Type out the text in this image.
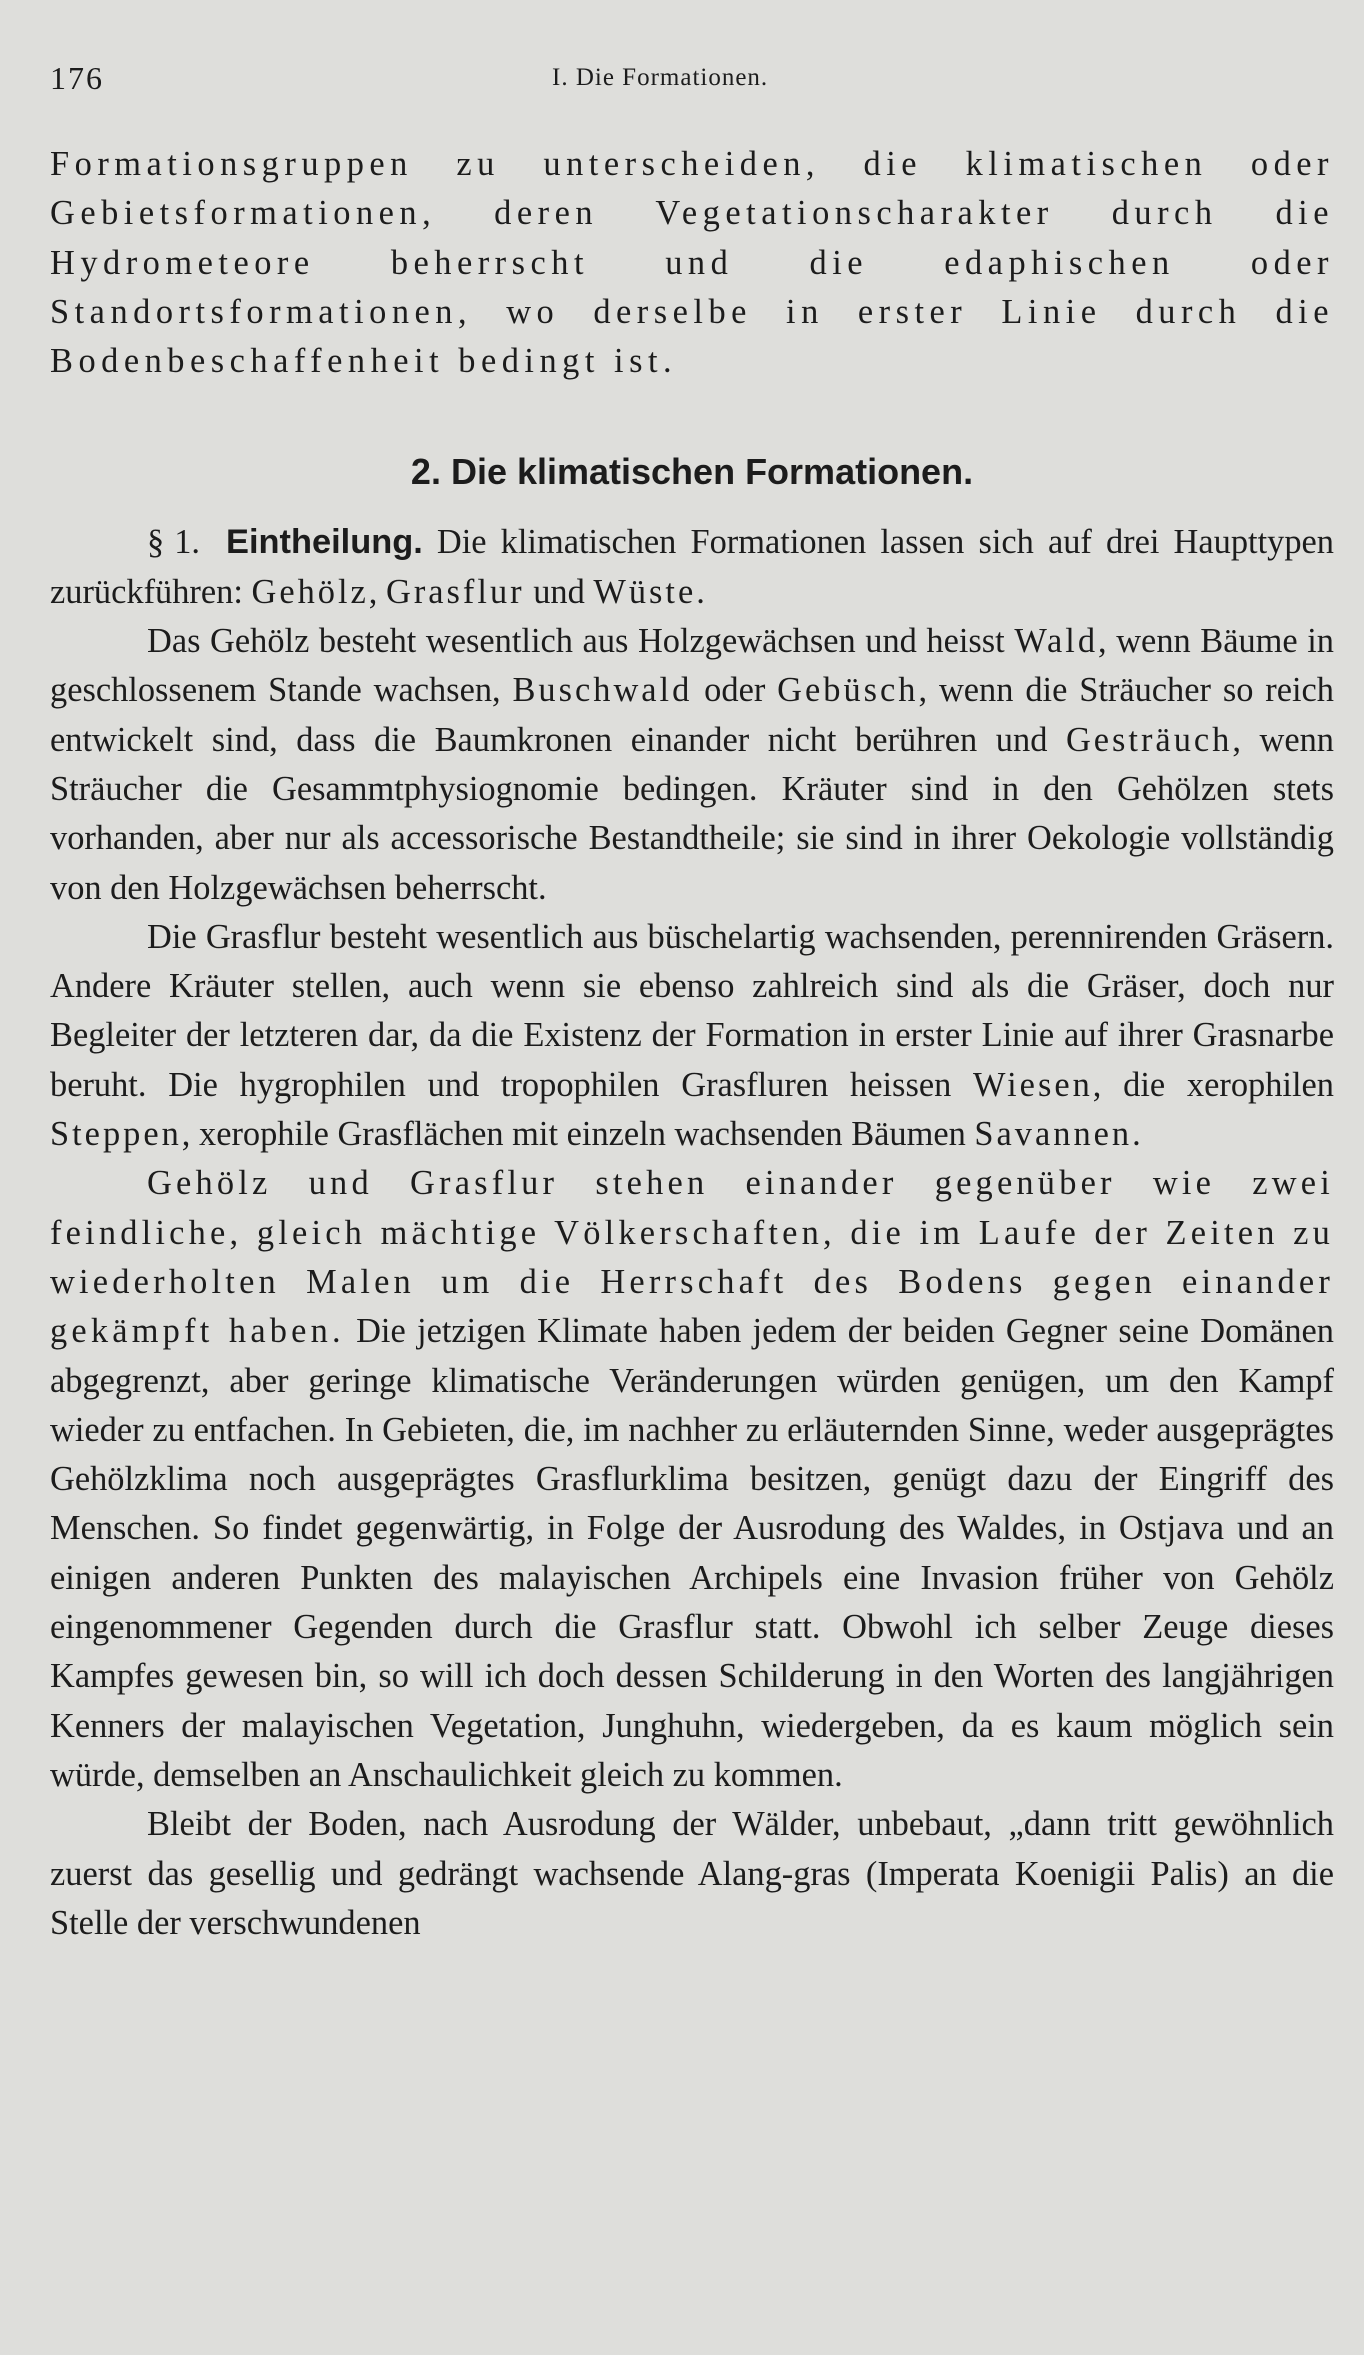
176	I. Die Formationen.

Formationsgruppen zu unterscheiden, die klimatischen oder Gebietsformationen, deren Vegetationscharakter durch die Hydrometeore beherrscht und die edaphischen oder Standortsformationen, wo derselbe in erster Linie durch die Bodenbeschaffenheit bedingt ist.

2. Die klimatischen Formationen.

§ 1. Eintheilung. Die klimatischen Formationen lassen sich auf drei Haupttypen zurückführen: Gehölz, Grasflur und Wüste.

Das Gehölz besteht wesentlich aus Holzgewächsen und heisst Wald, wenn Bäume in geschlossenem Stande wachsen, Buschwald oder Gebüsch, wenn die Sträucher so reich entwickelt sind, dass die Baumkronen einander nicht berühren und Gesträuch, wenn Sträucher die Gesammtphysiognomie bedingen. Kräuter sind in den Gehölzen stets vorhanden, aber nur als accessorische Bestandtheile; sie sind in ihrer Oekologie vollständig von den Holzgewächsen beherrscht.

Die Grasflur besteht wesentlich aus büschelartig wachsenden, perennirenden Gräsern. Andere Kräuter stellen, auch wenn sie ebenso zahlreich sind als die Gräser, doch nur Begleiter der letzteren dar, da die Existenz der Formation in erster Linie auf ihrer Grasnarbe beruht. Die hygrophilen und tropophilen Grasfluren heissen Wiesen, die xerophilen Steppen, xerophile Grasflächen mit einzeln wachsenden Bäumen Savannen.

Gehölz und Grasflur stehen einander gegenüber wie zwei feindliche, gleich mächtige Völkerschaften, die im Laufe der Zeiten zu wiederholten Malen um die Herrschaft des Bodens gegen einander gekämpft haben. Die jetzigen Klimate haben jedem der beiden Gegner seine Domänen abgegrenzt, aber geringe klimatische Veränderungen würden genügen, um den Kampf wieder zu entfachen. In Gebieten, die, im nachher zu erläuternden Sinne, weder ausgeprägtes Gehölzklima noch ausgeprägtes Grasflurklima besitzen, genügt dazu der Eingriff des Menschen. So findet gegenwärtig, in Folge der Ausrodung des Waldes, in Ostjava und an einigen anderen Punkten des malayischen Archipels eine Invasion früher von Gehölz eingenommener Gegenden durch die Grasflur statt. Obwohl ich selber Zeuge dieses Kampfes gewesen bin, so will ich doch dessen Schilderung in den Worten des langjährigen Kenners der malayischen Vegetation, Junghuhn, wiedergeben, da es kaum möglich sein würde, demselben an Anschaulichkeit gleich zu kommen.

Bleibt der Boden, nach Ausrodung der Wälder, unbebaut, „dann tritt gewöhnlich zuerst das gesellig und gedrängt wachsende Alang-gras (Imperata Koenigii Palis) an die Stelle der verschwundenen
